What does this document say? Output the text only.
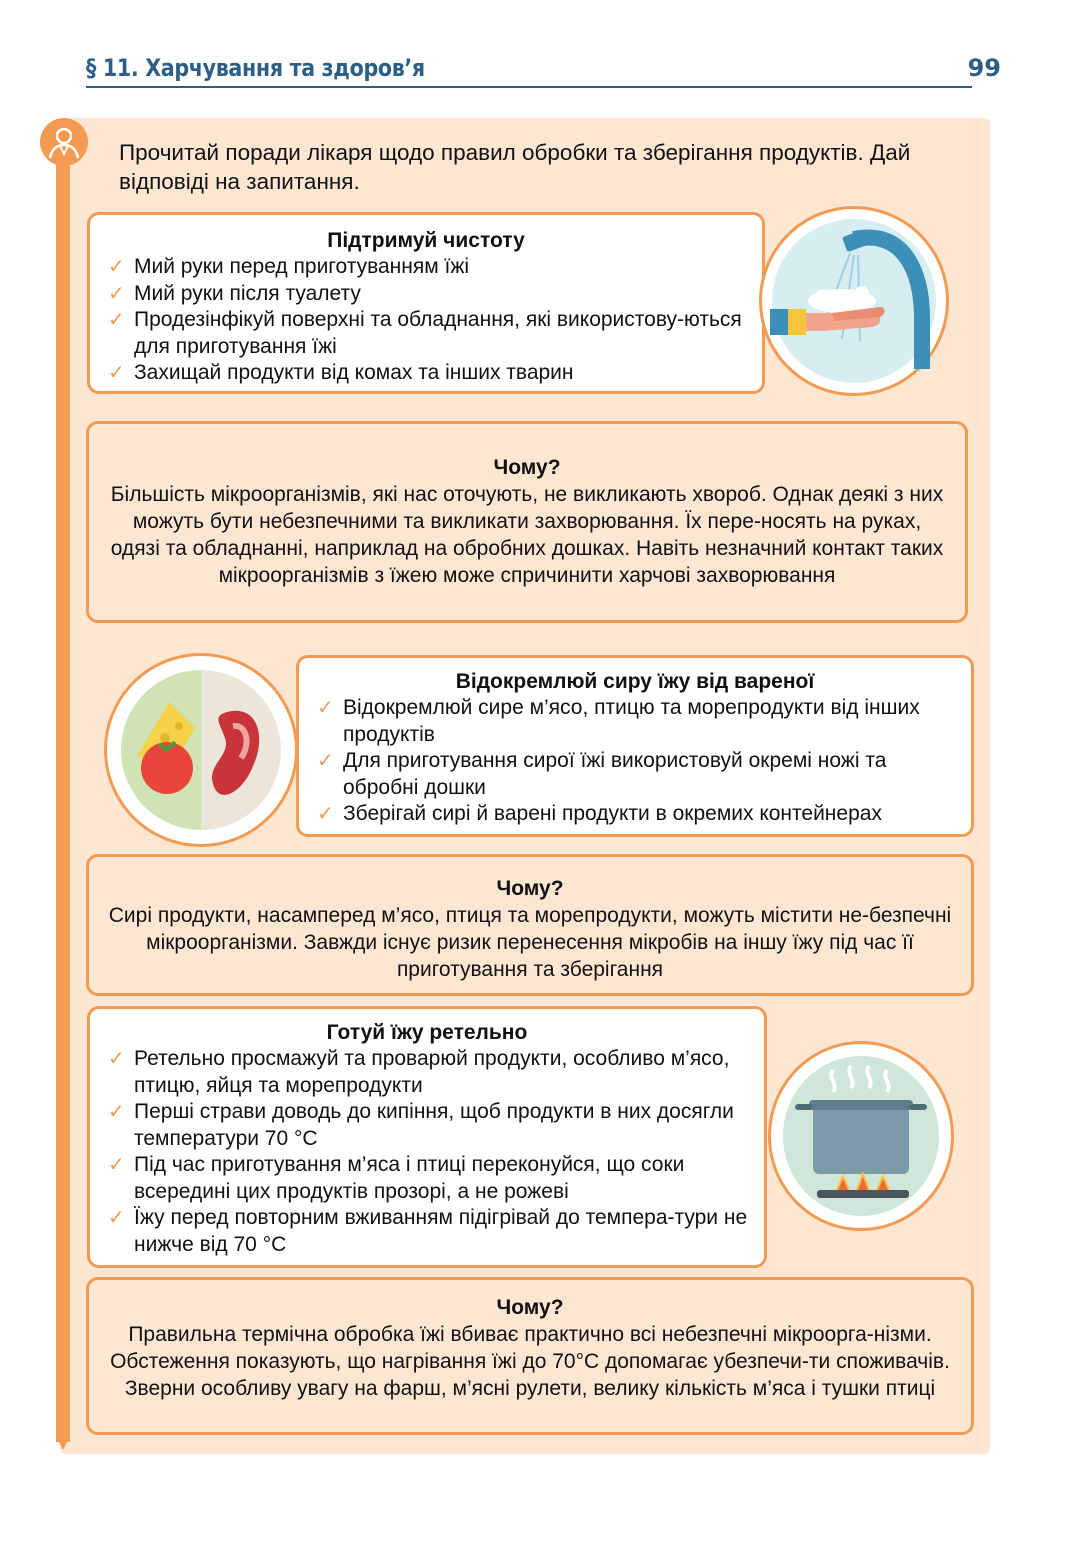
§ 11. Харчування та здоров’я	99
Прочитай поради лікаря щодо правил обробки та зберігання продуктів. Дай відповіді на запитання.
Підтримуй чистоту
✓ Мий руки перед приготуванням їжі
✓ Мий руки після туалету
✓ Продезінфікуй поверхні та обладнання, які використову-ються для приготування їжі
✓ Захищай продукти від комах та інших тварин
Чому?

Більшість мікроорганізмів, які нас оточують, не викликають хвороб. Однак деякі з них можуть бути небезпечними та викликати захворювання. Їх пере-носять на руках, одязі та обладнанні, наприклад на обробних дошках. Навіть незначний контакт таких мікроорганізмів з їжею може спричинити харчові захворювання

Відокремлюй сиру їжу від вареної
✓ Відокремлюй сире м’ясо, птицю та морепродукти від інших продуктів
✓ Для приготування сирої їжі використовуй окремі ножі та обробні дошки
✓ Зберігай сирі й варені продукти в окремих контейнерах
Чому?

Сирі продукти, насамперед м’ясо, птиця та морепродукти, можуть містити не-безпечні мікроорганізми. Завжди існує ризик перенесення мікробів на іншу їжу під час її приготування та зберігання

Готуй їжу ретельно
✓ Ретельно просмажуй та проварюй продукти, особливо м’ясо, птицю, яйця та морепродукти
✓ Перші страви доводь до кипіння, щоб продукти в них досягли температури 70 °С
✓ Під час приготування м’яса і птиці переконуйся, що соки всередині цих продуктів прозорі, а не рожеві
✓ Їжу перед повторним вживанням підігрівай до темпера-тури не нижче від 70 °С
Чому?

Правильна термічна обробка їжі вбиває практично всі небезпечні мікроорга-нізми. Обстеження показують, що нагрівання їжі до 70°С допомагає убезпечи-ти споживачів. Зверни особливу увагу на фарш, м’ясні рулети, велику кількість м’яса і тушки птиці
